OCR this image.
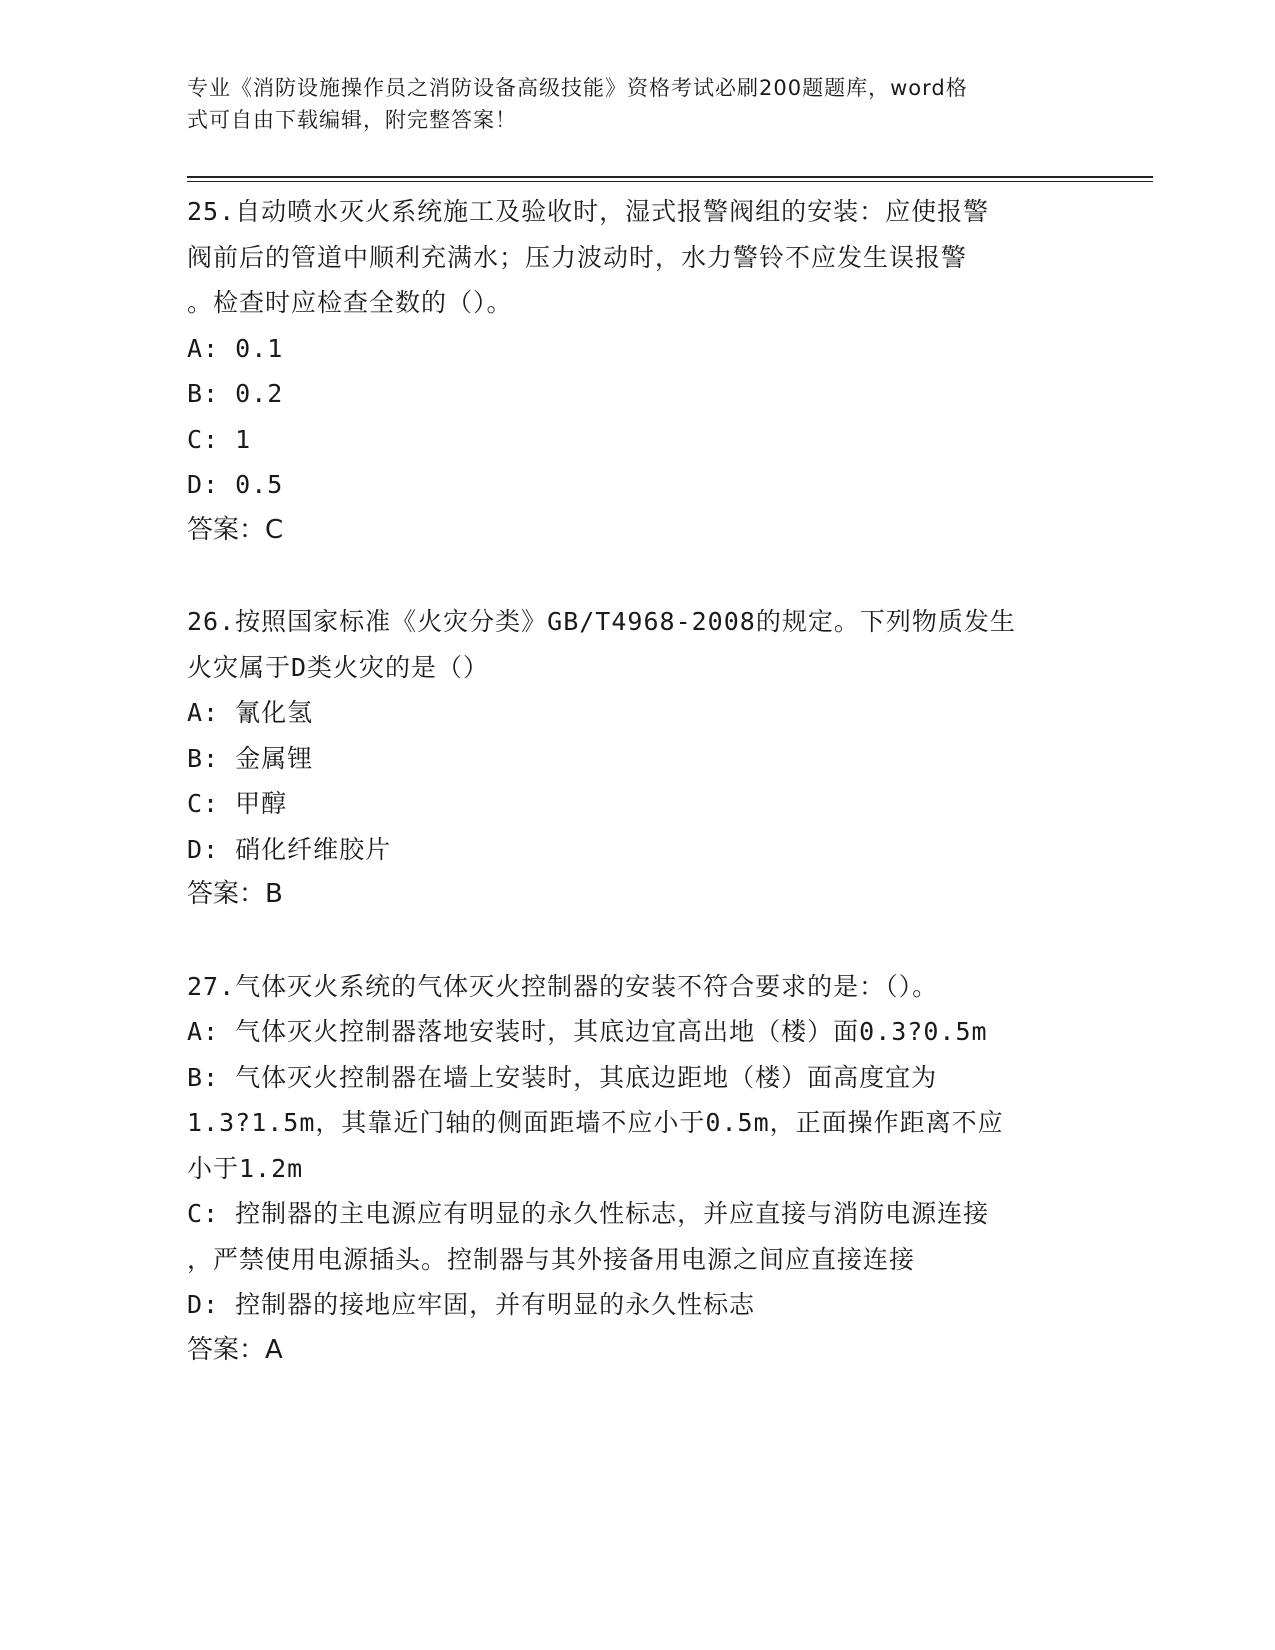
专业《消防设施操作员之消防设备高级技能》资格考试必刷200题题库，word格
式可自由下载编辑，附完整答案！
25.自动喷水灭火系统施工及验收时，湿式报警阀组的安装：应使报警
阀前后的管道中顺利充满水；压力波动时，水力警铃不应发生误报警
。检查时应检查全数的（）。
A: 0.1
B: 0.2
C: 1
D: 0.5
答案：C
26.按照国家标准《火灾分类》GB/T4968-2008的规定。下列物质发生
火灾属于D类火灾的是（）
A: 氰化氢
B: 金属锂
C: 甲醇
D: 硝化纤维胶片
答案：B
27.气体灭火系统的气体灭火控制器的安装不符合要求的是：（）。
A: 气体灭火控制器落地安装时，其底边宜高出地（楼）面0.3?0.5m
B: 气体灭火控制器在墙上安装时，其底边距地（楼）面高度宜为
1.3?1.5m，其靠近门轴的侧面距墙不应小于0.5m，正面操作距离不应
小于1.2m
C: 控制器的主电源应有明显的永久性标志，并应直接与消防电源连接
，严禁使用电源插头。控制器与其外接备用电源之间应直接连接
D: 控制器的接地应牢固，并有明显的永久性标志
答案：A
